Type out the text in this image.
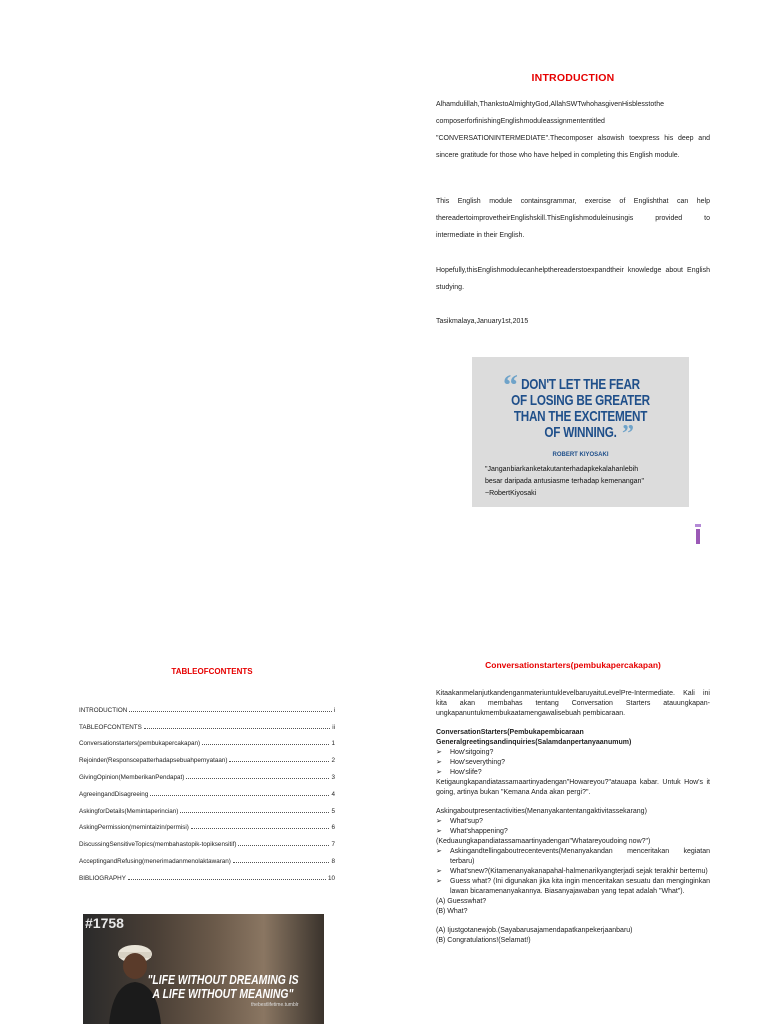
INTRODUCTION

Alhamdulillah,ThankstoAlmightyGod,AllahSWTwhohasgivenHisblesstothe composerforfinishingEnglishmoduleassignmententitled "CONVERSATIONINTERMEDIATE".Thecomposer alsowish toexpress his deep and sincere gratitude for those who have helped in completing this English module.

This English module containsgrammar, exercise of Englishthat can help thereadertoimprovetheirEnglishskill.ThisEnglishmoduleinusingis provided to intermediate in their English.

Hopefully,thisEnglishmodulecanhelpthereaderstoexpandtheir knowledge about English studying.

Tasikmalaya,January1st,2015

“ DON'T LET THE FEAR
OF LOSING BE GREATER
THAN THE EXCITEMENT
OF WINNING. ”
ROBERT KIYOSAKI
"Janganbiarkanketakutanterhadapkekalahanlebih
besar daripada antusiasme terhadap kemenangan"
~RobertKiyosaki
TABLEOFCONTENTS
INTRODUCTION	i
TABLEOFCONTENTS	ii
Conversationstarters(pembukapercakapan)	1
Rejoinder(Responscepatterhadapsebuahpernyataan)	2
GivingOpinion(MemberikanPendapat)	3
AgreeingandDisagreeing	4
AskingforDetails(Memintaperincian)	5
AskingPermission(memintaizin/permisi)	6
DiscussingSensitiveTopics(membahastopik-topiksensitif)	7
AcceptingandRefusing(menerimadanmenolaktawaran)	8
BIBLIOGRAPHY	10
#1758
"LIFE WITHOUT DREAMING IS
A LIFE WITHOUT MEANING"
thebestlifetime.tumblr
Conversationstarters(pembukapercakapan)

KitaakanmelanjutkandenganmateriuntuklevelbaruyaituLevelPre-Intermediate. Kali ini kita akan membahas tentang Conversation Starters atauungkapan-ungkapanuntukmembukaatamengawalisebuah pembicaraan.

ConversationStarters(Pembukapembicaraan

Generalgreetingsandinquiries(Salamdanpertanyaanumum)

➢	How'sitgoing?
➢	How'severything?
➢	How'slife?

Ketigaungkapandiatassamaartinyadengan"Howareyou?"atauapa kabar. Untuk How's it going, artinya bukan "Kemana Anda akan pergi?".

Askingaboutpresentactivities(Menanyakantentangaktivitassekarang)

➢	What'sup?
➢	What'shappening?

(Keduaungkapandiatassamaartinyadengan"Whatareyoudoing now?")

➢	Askingandtellingaboutrecentevents(Menanyakandan menceritakan kegiatan terbaru)
➢	What'snew?(Kitamenanyakanapahal-halmenarikyangterjadi sejak terakhir bertemu)
➢	Guess what? (Ini digunakan jika kita ingin menceritakan sesuatu dan menginginkan lawan bicaramenanyakannya. Biasanyajawaban yang tepat adalah "What").

(A) Guesswhat?

(B) What?

(A) Ijustgotanewjob.(Sayabarusajamendapatkanpekerjaanbaru)

(B) Congratulations!(Selamat!)
